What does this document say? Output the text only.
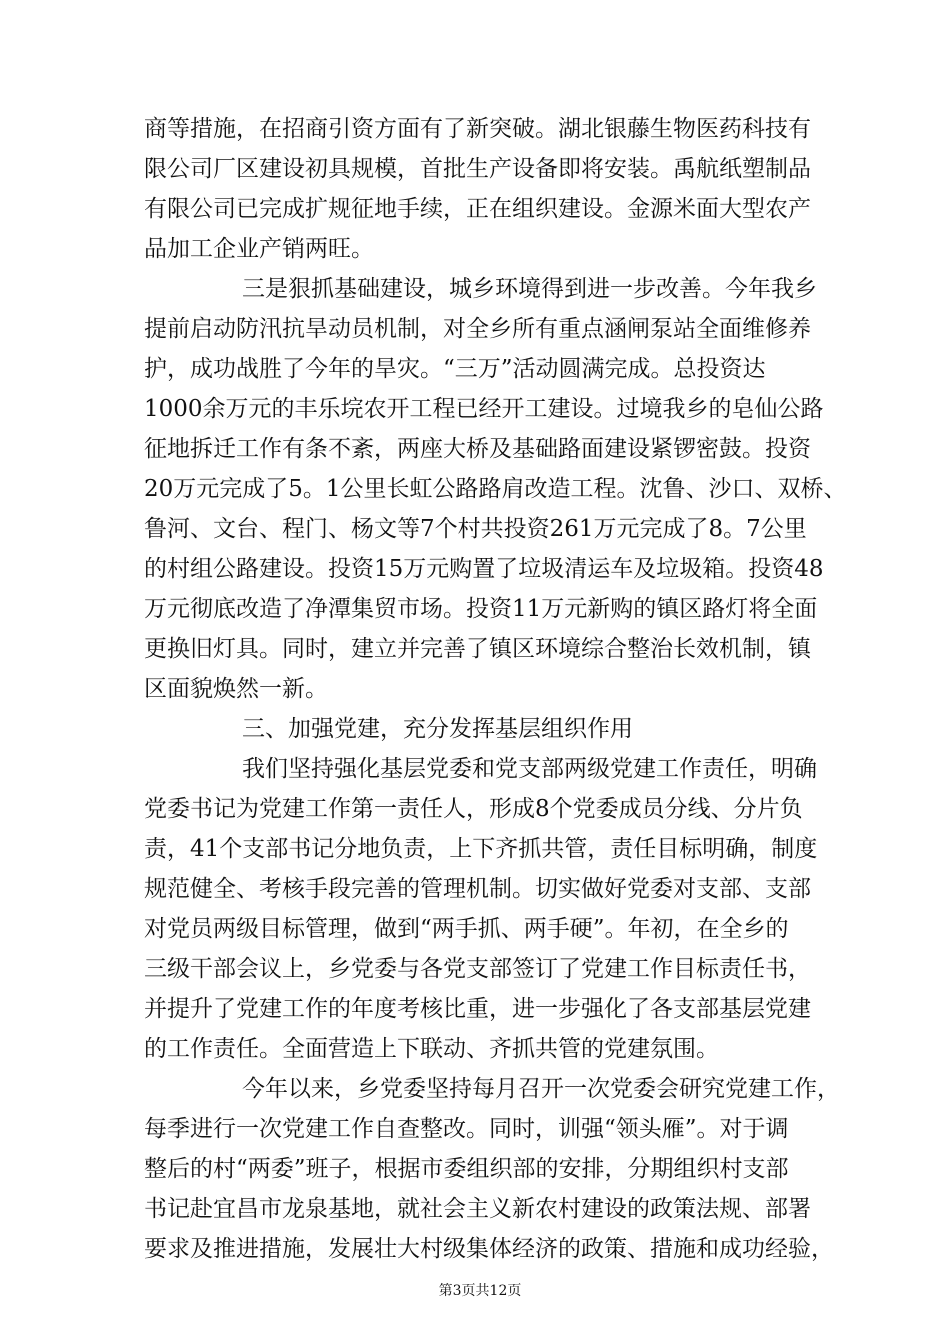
商等措施，在招商引资方面有了新突破。湖北银藤生物医药科技有
限公司厂区建设初具规模，首批生产设备即将安装。禹航纸塑制品
有限公司已完成扩规征地手续，正在组织建设。金源米面大型农产
品加工企业产销两旺。
三是狠抓基础建设，城乡环境得到进一步改善。今年我乡
提前启动防汛抗旱动员机制，对全乡所有重点涵闸泵站全面维修养
护，成功战胜了今年的旱灾。“三万”活动圆满完成。总投资达
1000余万元的丰乐垸农开工程已经开工建设。过境我乡的皂仙公路
征地拆迁工作有条不紊，两座大桥及基础路面建设紧锣密鼓。投资
20万元完成了5。1公里长虹公路路肩改造工程。沈鲁、沙口、双桥、
鲁河、文台、程门、杨文等7个村共投资261万元完成了8。7公里
的村组公路建设。投资15万元购置了垃圾清运车及垃圾箱。投资48
万元彻底改造了净潭集贸市场。投资11万元新购的镇区路灯将全面
更换旧灯具。同时，建立并完善了镇区环境综合整治长效机制，镇
区面貌焕然一新。
三、加强党建，充分发挥基层组织作用
我们坚持强化基层党委和党支部两级党建工作责任，明确
党委书记为党建工作第一责任人，形成8个党委成员分线、分片负
责，41个支部书记分地负责，上下齐抓共管，责任目标明确，制度
规范健全、考核手段完善的管理机制。切实做好党委对支部、支部
对党员两级目标管理，做到“两手抓、两手硬”。年初，在全乡的
三级干部会议上，乡党委与各党支部签订了党建工作目标责任书，
并提升了党建工作的年度考核比重，进一步强化了各支部基层党建
的工作责任。全面营造上下联动、齐抓共管的党建氛围。
今年以来，乡党委坚持每月召开一次党委会研究党建工作，
每季进行一次党建工作自查整改。同时，训强“领头雁”。对于调
整后的村“两委”班子，根据市委组织部的安排，分期组织村支部
书记赴宜昌市龙泉基地，就社会主义新农村建设的政策法规、部署
要求及推进措施，发展壮大村级集体经济的政策、措施和成功经验，
第3页共12页
